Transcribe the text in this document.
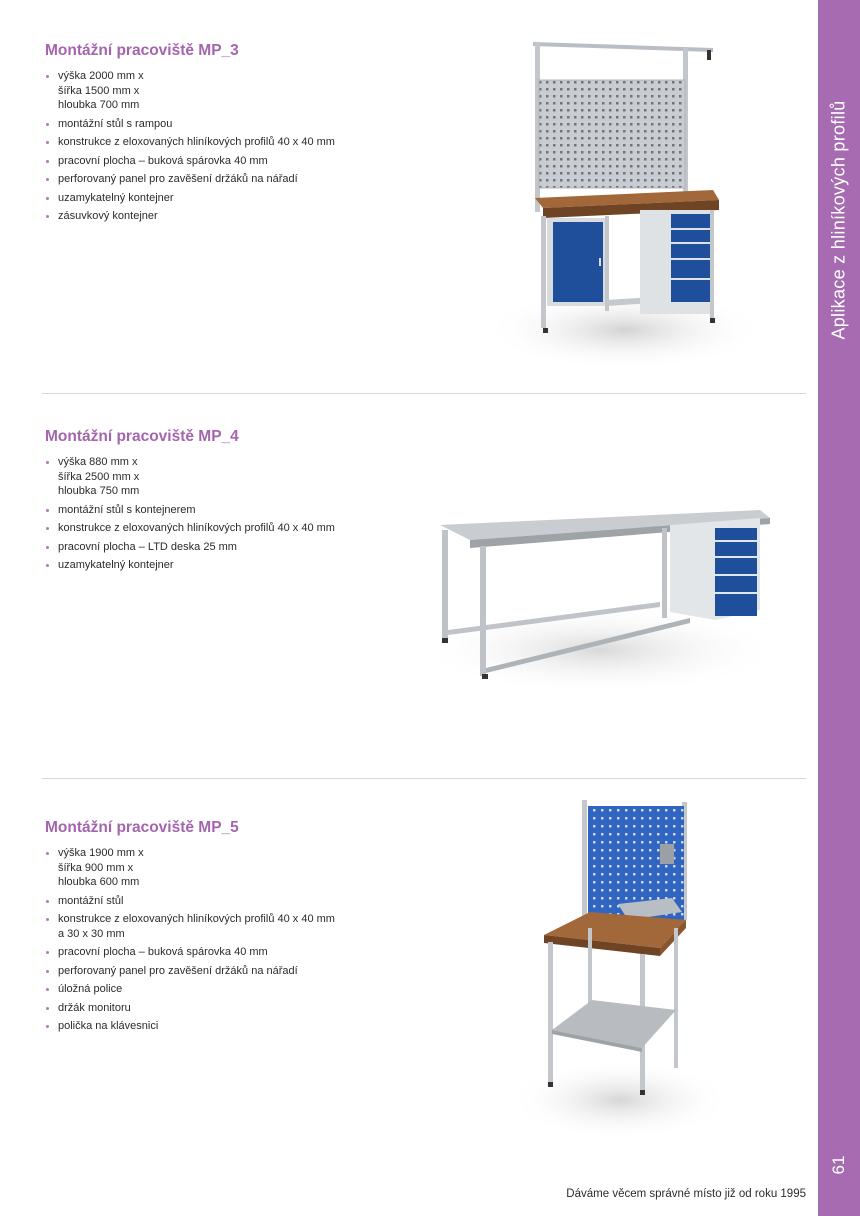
Aplikace z hliníkových profilů
61
Montážní pracoviště MP_3
výška 2000 mm x
šířka 1500 mm x
hloubka 700 mm
montážní stůl s rampou
konstrukce z eloxovaných hliníkových profilů 40 x 40 mm
pracovní plocha – buková spárovka 40 mm
perforovaný panel pro zavěšení držáků na nářadí
uzamykatelný kontejner
zásuvkový kontejner
Montážní pracoviště MP_4
výška 880 mm x
šířka 2500 mm x
hloubka 750 mm
montážní stůl s kontejnerem
konstrukce z eloxovaných hliníkových profilů 40 x 40 mm
pracovní plocha – LTD deska 25 mm
uzamykatelný kontejner
Montážní pracoviště MP_5
výška 1900 mm x
šířka 900 mm x
hloubka 600 mm
montážní stůl
konstrukce z eloxovaných hliníkových profilů 40 x 40 mm
a 30 x 30 mm
pracovní plocha – buková spárovka 40 mm
perforovaný panel pro zavěšení držáků na nářadí
úložná police
držák monitoru
polička na klávesnici
Dáváme věcem správné místo již od roku 1995
